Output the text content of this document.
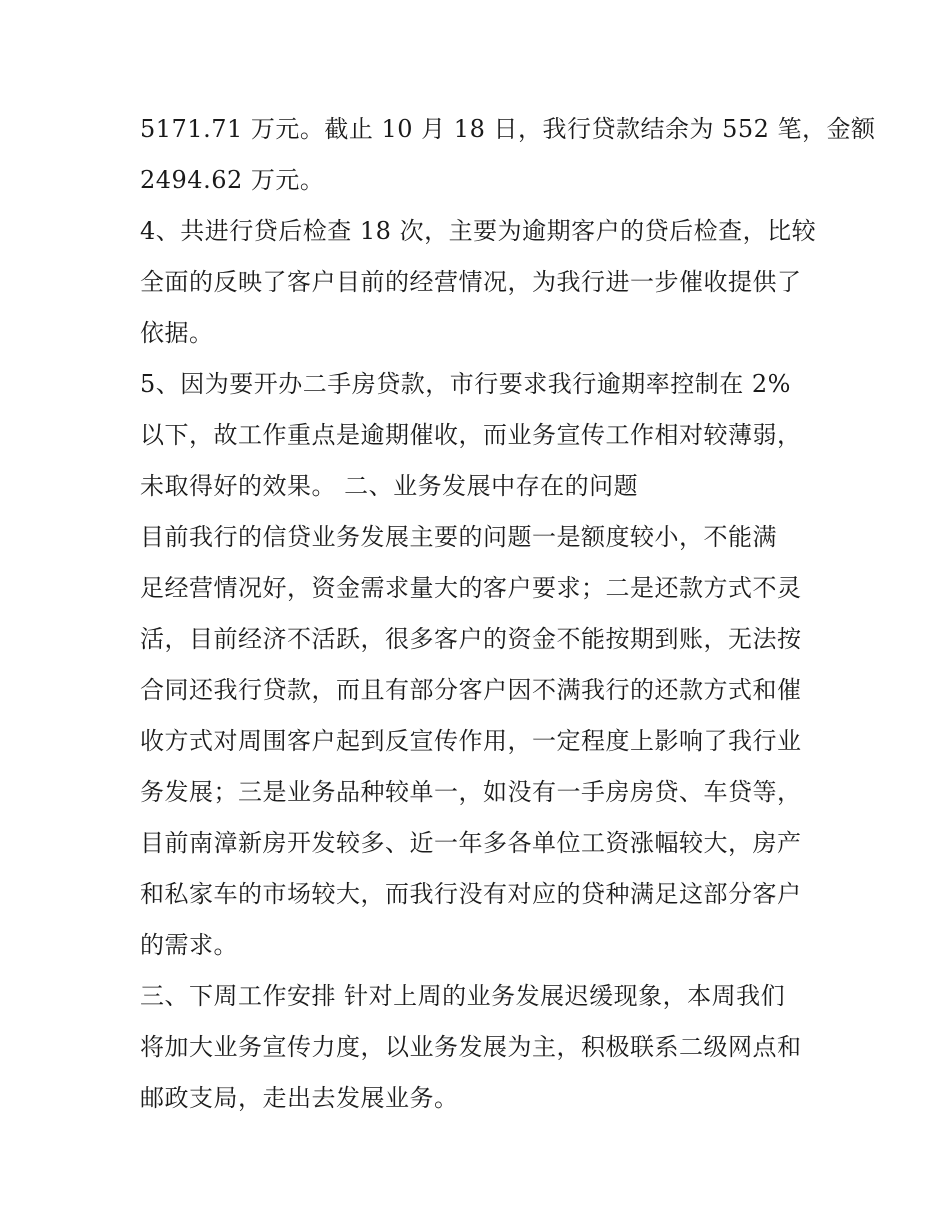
5171.71 万元。截止 10 月 18 日，我行贷款结余为 552 笔，金额

2494.62 万元。

4、共进行贷后检查 18 次，主要为逾期客户的贷后检查，比较

全面的反映了客户目前的经营情况，为我行进一步催收提供了

依据。

5、因为要开办二手房贷款，市行要求我行逾期率控制在 2%

以下，故工作重点是逾期催收，而业务宣传工作相对较薄弱，

未取得好的效果。 二、业务发展中存在的问题

目前我行的信贷业务发展主要的问题一是额度较小，不能满

足经营情况好，资金需求量大的客户要求；二是还款方式不灵

活，目前经济不活跃，很多客户的资金不能按期到账，无法按

合同还我行贷款，而且有部分客户因不满我行的还款方式和催

收方式对周围客户起到反宣传作用，一定程度上影响了我行业

务发展；三是业务品种较单一，如没有一手房房贷、车贷等，

目前南漳新房开发较多、近一年多各单位工资涨幅较大，房产

和私家车的市场较大，而我行没有对应的贷种满足这部分客户

的需求。

三、下周工作安排 针对上周的业务发展迟缓现象，本周我们

将加大业务宣传力度，以业务发展为主，积极联系二级网点和

邮政支局，走出去发展业务。
